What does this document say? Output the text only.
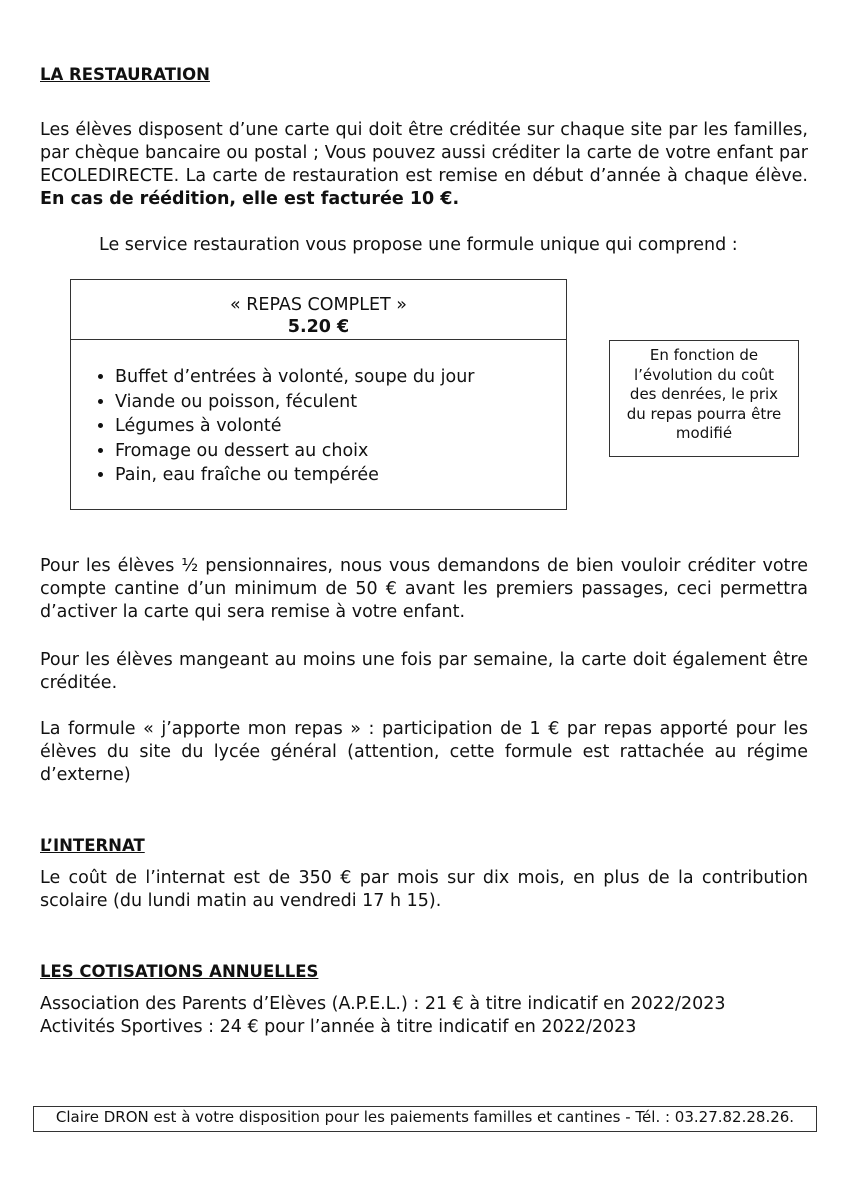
LA RESTAURATION
Les élèves disposent d’une carte qui doit être créditée sur chaque site par les familles, par chèque bancaire ou postal ; Vous pouvez aussi créditer la carte de votre enfant par ECOLEDIRECTE. La carte de restauration est remise en début d’année à chaque élève. En cas de réédition, elle est facturée 10 €.
Le service restauration vous propose une formule unique qui comprend :
« REPAS COMPLET »
5.20 €
• Buffet d’entrées à volonté, soupe du jour
• Viande ou poisson, féculent
• Légumes à volonté
• Fromage ou dessert au choix
• Pain, eau fraîche ou tempérée
En fonction de l’évolution du coût des denrées, le prix du repas pourra être modifié
Pour les élèves ½ pensionnaires, nous vous demandons de bien vouloir créditer votre compte cantine d’un minimum de 50 € avant les premiers passages, ceci permettra d’activer la carte qui sera remise à votre enfant.
Pour les élèves mangeant au moins une fois par semaine, la carte doit également être créditée.
La formule « j’apporte mon repas » : participation de 1 € par repas apporté pour les élèves du site du lycée général (attention, cette formule est rattachée au régime d’externe)
L’INTERNAT
Le coût de l’internat est de 350 € par mois sur dix mois, en plus de la contribution scolaire (du lundi matin au vendredi 17 h 15).
LES COTISATIONS ANNUELLES
Association des Parents d’Elèves (A.P.E.L.) : 21 € à titre indicatif en 2022/2023
Activités Sportives : 24 € pour l’année à titre indicatif en 2022/2023
Claire DRON est à votre disposition pour les paiements familles et cantines - Tél. : 03.27.82.28.26.
